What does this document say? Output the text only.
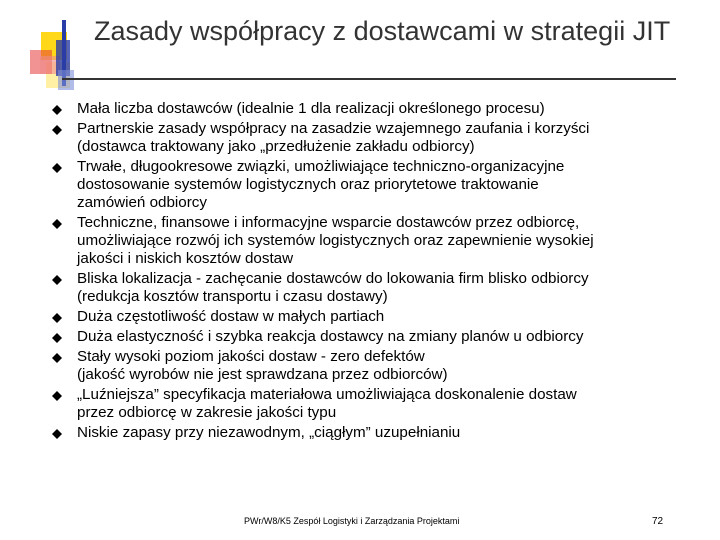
Zasady współpracy z dostawcami w strategii JIT
Mała liczba dostawców (idealnie 1 dla realizacji określonego procesu)
Partnerskie zasady współpracy na zasadzie wzajemnego zaufania i korzyści
(dostawca traktowany jako „przedłużenie zakładu odbiorcy)
Trwałe, długookresowe związki, umożliwiające techniczno-organizacyjne
dostosowanie systemów logistycznych oraz priorytetowe traktowanie
zamówień odbiorcy
Techniczne, finansowe i informacyjne wsparcie dostawców przez odbiorcę,
umożliwiające rozwój ich systemów logistycznych oraz zapewnienie wysokiej
jakości i niskich kosztów dostaw
Bliska lokalizacja - zachęcanie dostawców do lokowania firm blisko odbiorcy
(redukcja kosztów transportu i czasu dostawy)
Duża częstotliwość dostaw w małych partiach
Duża elastyczność i szybka reakcja dostawcy na zmiany planów u odbiorcy
Stały wysoki poziom jakości dostaw - zero defektów
(jakość wyrobów nie jest sprawdzana przez odbiorców)
„Luźniejsza” specyfikacja materiałowa umożliwiająca doskonalenie dostaw
przez odbiorcę w zakresie jakości typu
Niskie zapasy przy niezawodnym, „ciągłym” uzupełnianiu
PWr/W8/K5 Zespół Logistyki i Zarządzania Projektami	72
